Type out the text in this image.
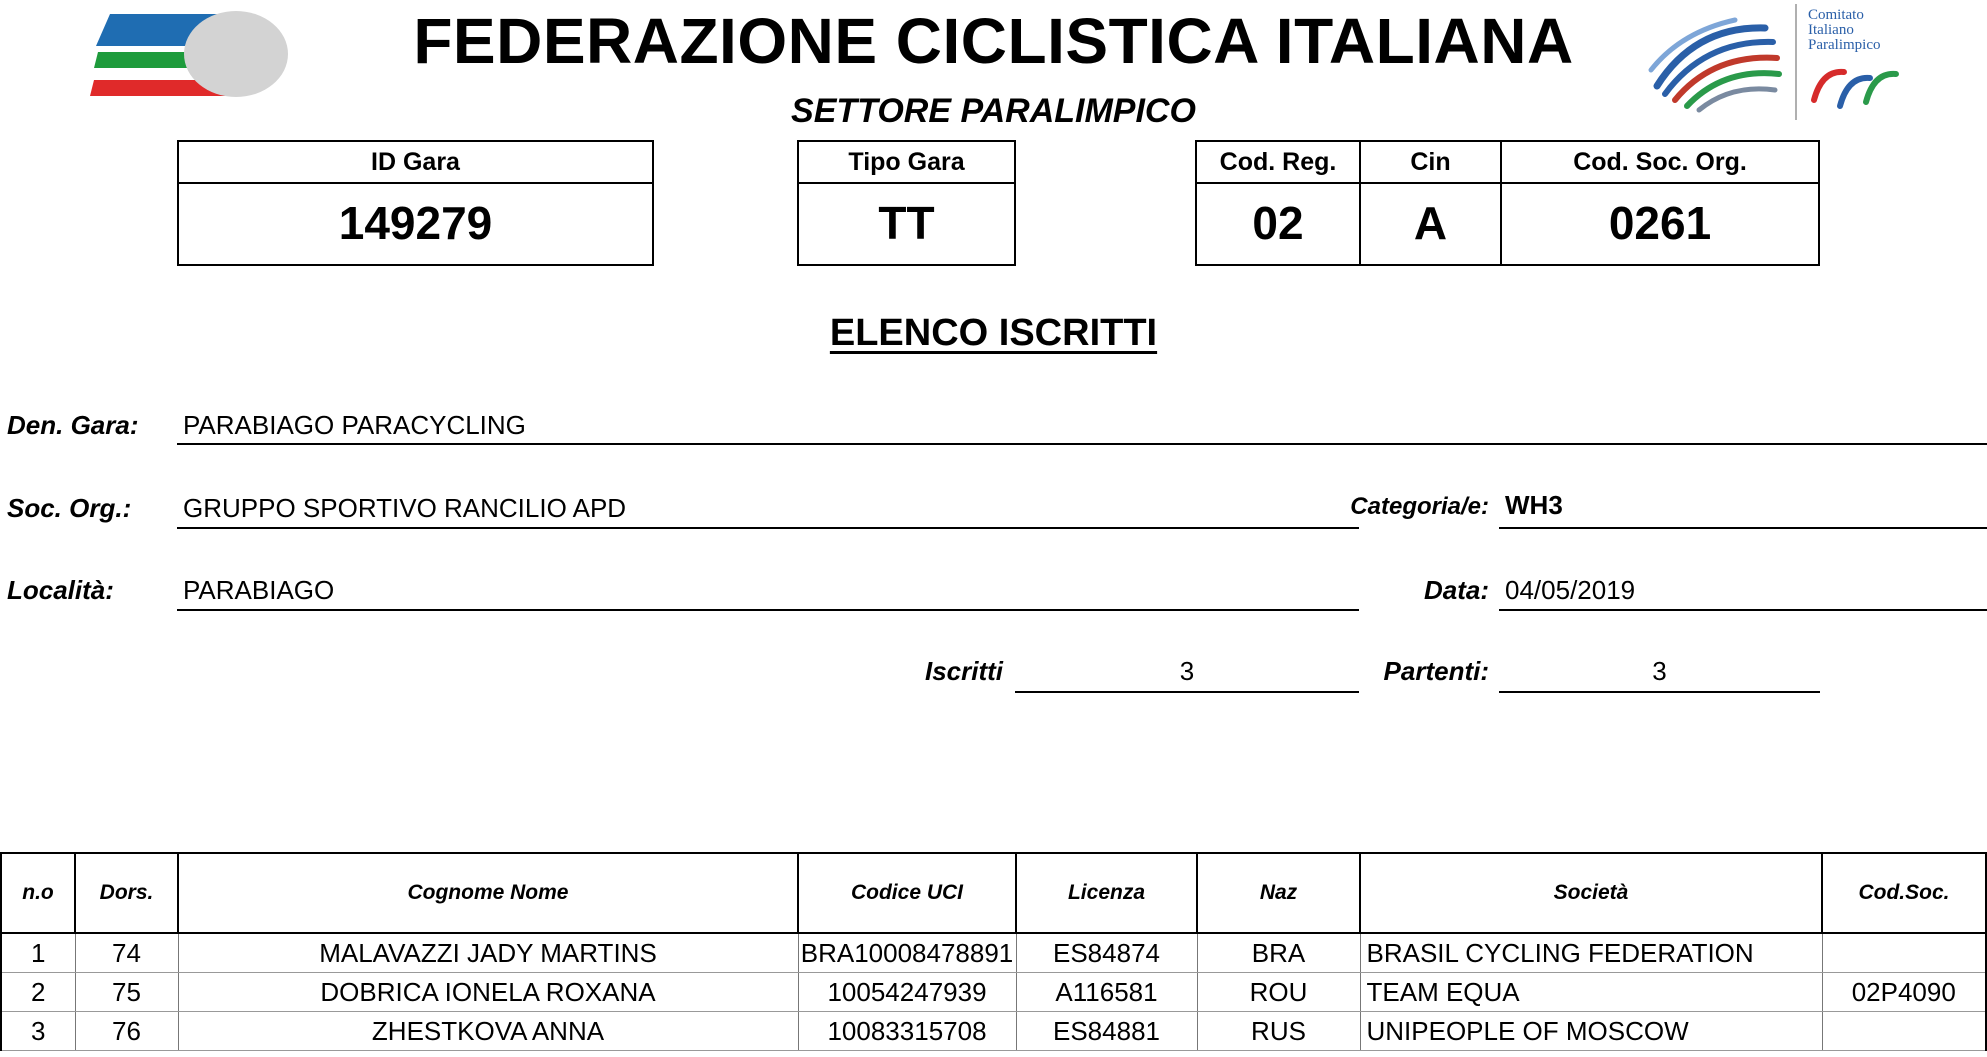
FEDERAZIONE CICLISTICA ITALIANA
SETTORE PARALIMPICO
Comitato
Italiano
Paralimpico
ID Gara
149279
Tipo Gara
TT
Cod. Reg.
02
Cin
A
Cod. Soc. Org.
0261
ELENCO ISCRITTI
Den. Gara: PARABIAGO PARACYCLING
Soc. Org.: GRUPPO SPORTIVO RANCILIO APD	Categoria/e: WH3
Località:	PARABIAGO	Data: 04/05/2019
Iscritti	3	Partenti:	3
n.o	Dors.	Cognome Nome	Codice UCI	Licenza	Naz	Società	Cod.Soc.
1	74	MALAVAZZI JADY MARTINS	BRA10008478891	ES84874	BRA	BRASIL CYCLING FEDERATION	
2	75	DOBRICA IONELA ROXANA	10054247939	A116581	ROU	TEAM EQUA	02P4090
3	76	ZHESTKOVA ANNA	10083315708	ES84881	RUS	UNIPEOPLE OF MOSCOW	
